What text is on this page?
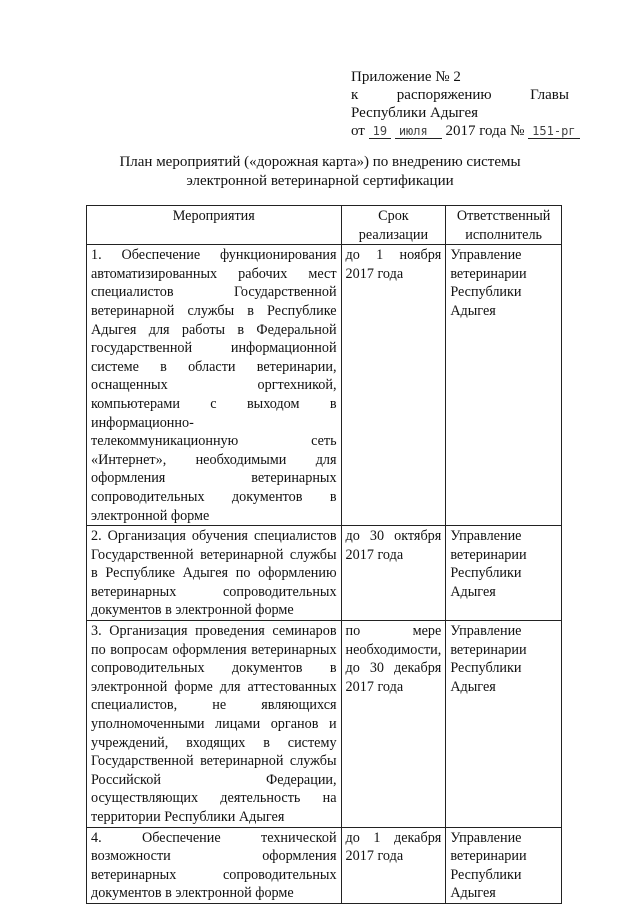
Приложение № 2
к	распоряжению	Главы
Республики Адыгея
от 19 июля 2017 года № 151-рг
План мероприятий («дорожная карта») по внедрению системы
электронной ветеринарной сертификации
Мероприятия	Срок реализации	Ответственный исполнитель
1. Обеспечение функционирования автоматизированных рабочих мест специалистов Государственной ветеринарной службы в Республике Адыгея для работы в Федеральной государственной информационной системе в области ветеринарии, оснащенных оргтехникой, компьютерами с выходом в информационно-телекоммуникационную сеть «Интернет», необходимыми для оформления ветеринарных сопроводительных документов в электронной форме	до 1 ноября 2017 года	Управление ветеринарии Республики Адыгея
2. Организация обучения специалистов Государственной ветеринарной службы в Республике Адыгея по оформлению ветеринарных сопроводительных документов в электронной форме	до 30 октября 2017 года	Управление ветеринарии Республики Адыгея
3. Организация проведения семинаров по вопросам оформления ветеринарных сопроводительных документов в электронной форме для аттестованных специалистов, не являющихся уполномоченными лицами органов и учреждений, входящих в систему Государственной ветеринарной службы Российской Федерации, осуществляющих деятельность на территории Республики Адыгея	по мере необходимости, до 30 декабря 2017 года	Управление ветеринарии Республики Адыгея
4. Обеспечение технической возможности оформления ветеринарных сопроводительных документов в электронной форме	до 1 декабря 2017 года	Управление ветеринарии Республики Адыгея
